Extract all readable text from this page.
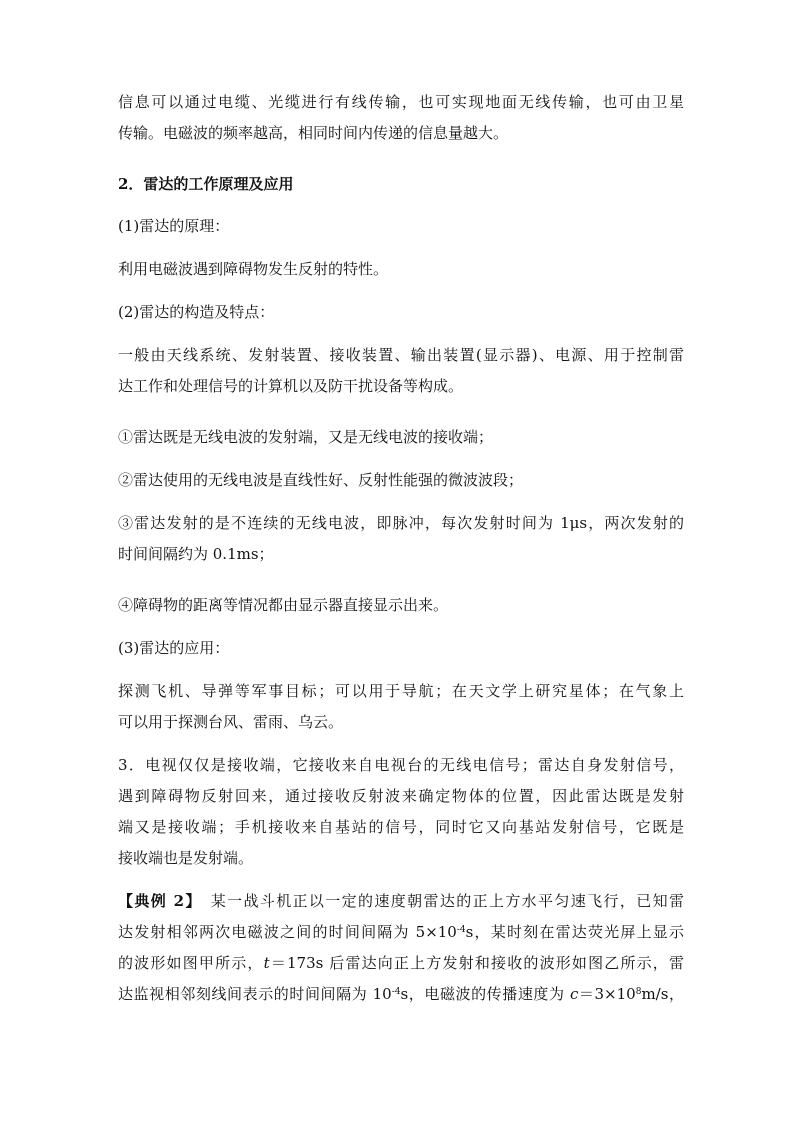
信息可以通过电缆、光缆进行有线传输，也可实现地面无线传输，也可由卫星
传输。电磁波的频率越高，相同时间内传递的信息量越大。
2．雷达的工作原理及应用
(1)雷达的原理：
利用电磁波遇到障碍物发生反射的特性。
(2)雷达的构造及特点：
一般由天线系统、发射装置、接收装置、输出装置(显示器)、电源、用于控制雷
达工作和处理信号的计算机以及防干扰设备等构成。
①雷达既是无线电波的发射端，又是无线电波的接收端；
②雷达使用的无线电波是直线性好、反射性能强的微波波段；
③雷达发射的是不连续的无线电波，即脉冲，每次发射时间为 1μs，两次发射的
时间间隔约为 0.1ms；
④障碍物的距离等情况都由显示器直接显示出来。
(3)雷达的应用：
探测飞机、导弹等军事目标；可以用于导航；在天文学上研究星体；在气象上
可以用于探测台风、雷雨、乌云。
3．电视仅仅是接收端，它接收来自电视台的无线电信号；雷达自身发射信号，
遇到障碍物反射回来，通过接收反射波来确定物体的位置，因此雷达既是发射
端又是接收端；手机接收来自基站的信号，同时它又向基站发射信号，它既是
接收端也是发射端。
【典例 2】　某一战斗机正以一定的速度朝雷达的正上方水平匀速飞行，已知雷
达发射相邻两次电磁波之间的时间间隔为 $5\times 10^{-4}s$，某时刻在雷达荧光屏上显示
的波形如图甲所示，t＝173s 后雷达向正上方发射和接收的波形如图乙所示，雷
达监视相邻刻线间表示的时间间隔为 $10^{-4}s$，电磁波的传播速度为 $c=3\times 10^8m/s$，
